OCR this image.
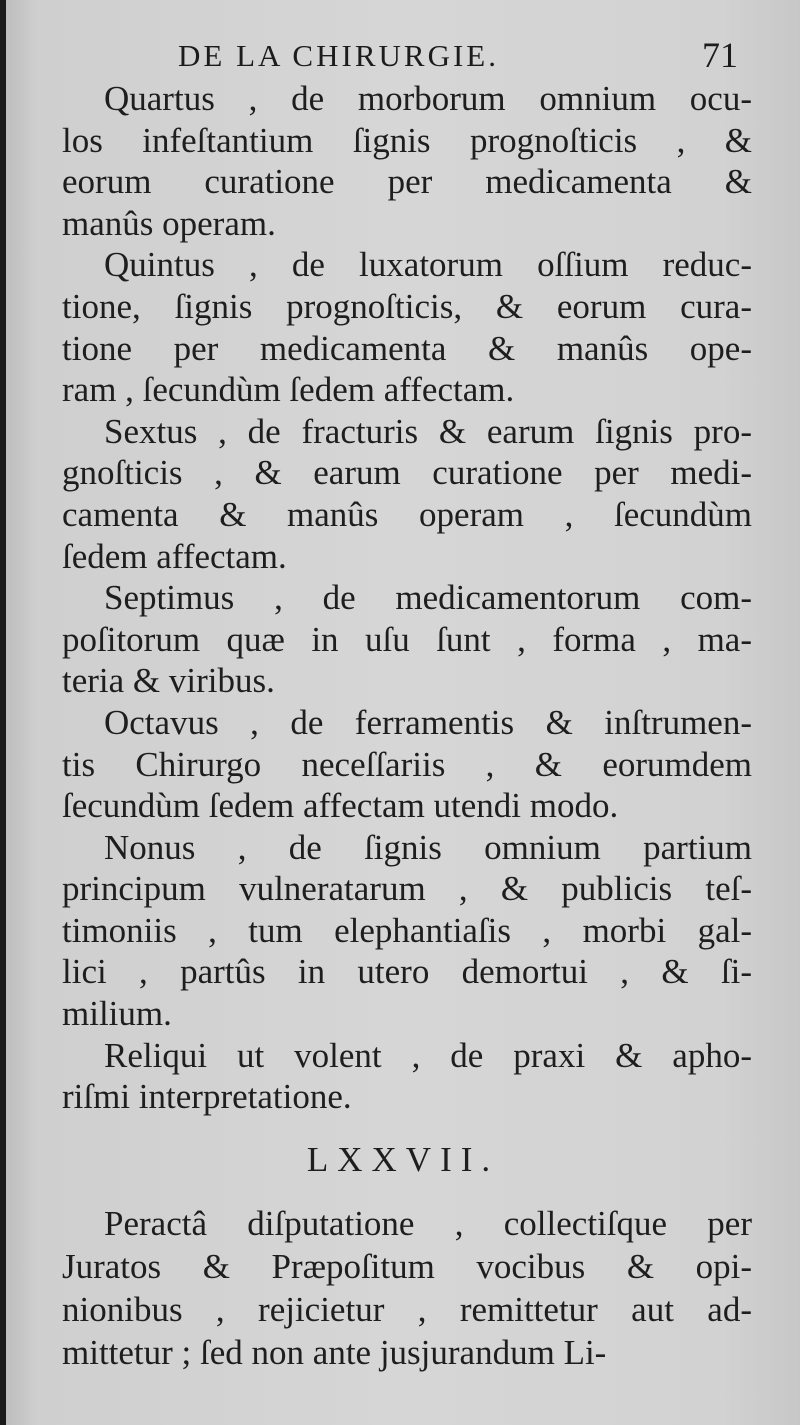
DE LA CHIRURGIE.	71
Quartus , de morborum omnium ocu-
los infeſtantium ſignis prognoſticis , &
eorum curatione per medicamenta &
manûs operam.
Quintus , de luxatorum oſſium reduc-
tione, ſignis prognoſticis, & eorum cura-
tione per medicamenta & manûs ope-
ram , ſecundùm ſedem affectam.
Sextus , de fracturis & earum ſignis pro-
gnoſticis , & earum curatione per medi-
camenta & manûs operam , ſecundùm
ſedem affectam.
Septimus , de medicamentorum com-
poſitorum quæ in uſu ſunt , forma , ma-
teria & viribus.
Octavus , de ferramentis & inſtrumen-
tis Chirurgo neceſſariis , & eorumdem
ſecundùm ſedem affectam utendi modo.
Nonus , de ſignis omnium partium
principum vulneratarum , & publicis teſ-
timoniis , tum elephantiaſis , morbi gal-
lici , partûs in utero demortui , & ſi-
milium.
Reliqui ut volent , de praxi & apho-
riſmi interpretatione.
LXXVII.
Peractâ diſputatione , collectiſque per
Juratos & Præpoſitum vocibus & opi-
nionibus , rejicietur , remittetur aut ad-
mittetur ; ſed non ante jusjurandum Li-
